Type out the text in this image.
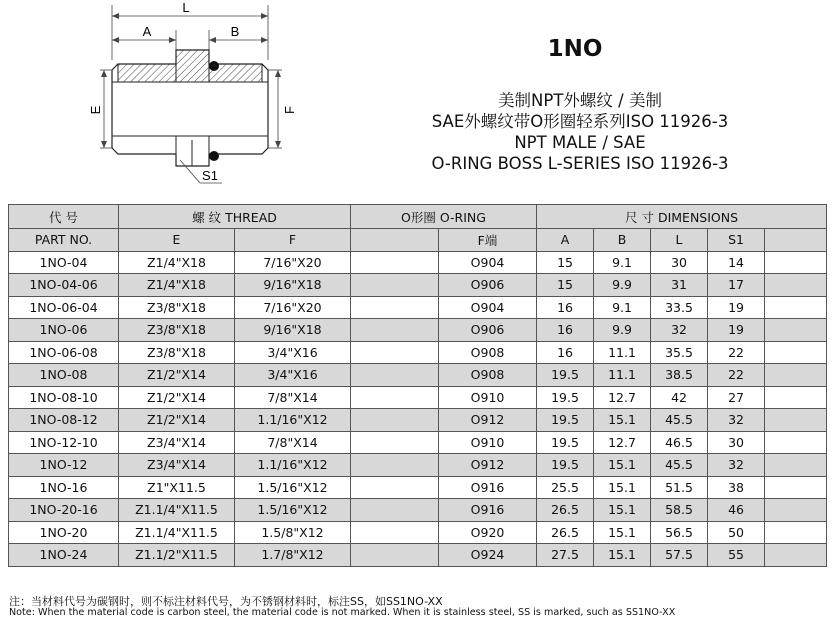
L
A	B
E	F
S1
1NO
美制NPT外螺纹 / 美制
SAE外螺纹带O形圈轻系列ISO 11926-3
NPT MALE / SAE
O-RING BOSS L-SERIES ISO 11926-3
代 号	螺 纹 THREAD		O形圈 O-RING		尺 寸 DIMENSIONS				
PART NO.	E	F		F端	A	B	L	S1	
1NO-04	Z1/4"X18	7/16"X20		O904	15	9.1	30	14	
1NO-04-06	Z1/4"X18	9/16"X18		O906	15	9.9	31	17	
1NO-06-04	Z3/8"X18	7/16"X20		O904	16	9.1	33.5	19	
1NO-06	Z3/8"X18	9/16"X18		O906	16	9.9	32	19	
1NO-06-08	Z3/8"X18	3/4"X16		O908	16	11.1	35.5	22	
1NO-08	Z1/2"X14	3/4"X16		O908	19.5	11.1	38.5	22	
1NO-08-10	Z1/2"X14	7/8"X14		O910	19.5	12.7	42	27	
1NO-08-12	Z1/2"X14	1.1/16"X12		O912	19.5	15.1	45.5	32	
1NO-12-10	Z3/4"X14	7/8"X14		O910	19.5	12.7	46.5	30	
1NO-12	Z3/4"X14	1.1/16"X12		O912	19.5	15.1	45.5	32	
1NO-16	Z1"X11.5	1.5/16"X12		O916	25.5	15.1	51.5	38	
1NO-20-16	Z1.1/4"X11.5	1.5/16"X12		O916	26.5	15.1	58.5	46	
1NO-20	Z1.1/4"X11.5	1.5/8"X12		O920	26.5	15.1	56.5	50	
1NO-24	Z1.1/2"X11.5	1.7/8"X12		O924	27.5	15.1	57.5	55	
注：当材料代号为碳钢时，则不标注材料代号，为不锈钢材料时，标注SS，如SS1NO-XX
Note: When the material code is carbon steel, the material code is not marked. When it is stainless steel, SS is marked, such as SS1NO-XX
